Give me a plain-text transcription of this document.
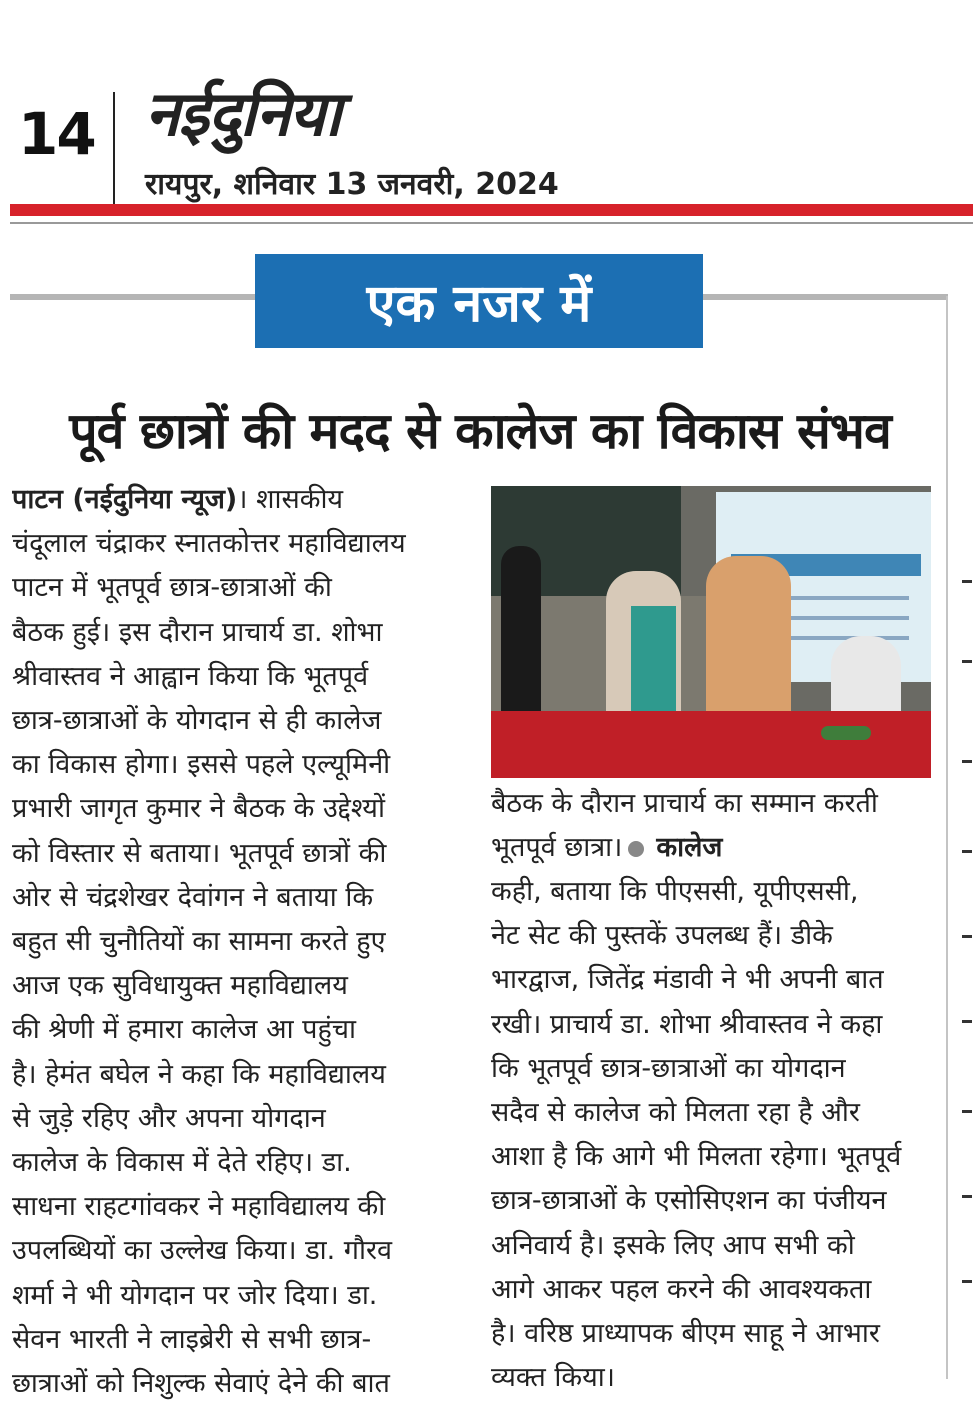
14 नईदुनिया
रायपुर, शनिवार 13 जनवरी, 2024
एक नजर में
पूर्व छात्रों की मदद से कालेज का विकास संभव
पाटन (नईदुनिया न्यूज)। शासकीय
चंदूलाल चंद्राकर स्नातकोत्तर महाविद्यालय
पाटन में भूतपूर्व छात्र-छात्राओं की
बैठक हुई। इस दौरान प्राचार्य डा. शोभा
श्रीवास्तव ने आह्वान किया कि भूतपूर्व
छात्र-छात्राओं के योगदान से ही कालेज
का विकास होगा। इससे पहले एल्यूमिनी
प्रभारी जागृत कुमार ने बैठक के उद्देश्यों
को विस्तार से बताया। भूतपूर्व छात्रों की
ओर से चंद्रशेखर देवांगन ने बताया कि
बहुत सी चुनौतियों का सामना करते हुए
आज एक सुविधायुक्त महाविद्यालय
की श्रेणी में हमारा कालेज आ पहुंचा
है। हेमंत बघेल ने कहा कि महाविद्यालय
से जुड़े रहिए और अपना योगदान
कालेज के विकास में देते रहिए। डा.
साधना राहटगांवकर ने महाविद्यालय की
उपलब्धियों का उल्लेख किया। डा. गौरव
शर्मा ने भी योगदान पर जोर दिया। डा.
सेवन भारती ने लाइब्रेरी से सभी छात्र-
छात्राओं को निशुल्क सेवाएं देने की बात
बैठक के दौरान प्राचार्य का सम्मान करती
भूतपूर्व छात्रा। कालेज
कही, बताया कि पीएससी, यूपीएससी,
नेट सेट की पुस्तकें उपलब्ध हैं। डीके
भारद्वाज, जितेंद्र मंडावी ने भी अपनी बात
रखी। प्राचार्य डा. शोभा श्रीवास्तव ने कहा
कि भूतपूर्व छात्र-छात्राओं का योगदान
सदैव से कालेज को मिलता रहा है और
आशा है कि आगे भी मिलता रहेगा। भूतपूर्व
छात्र-छात्राओं के एसोसिएशन का पंजीयन
अनिवार्य है। इसके लिए आप सभी को
आगे आकर पहल करने की आवश्यकता
है। वरिष्ठ प्राध्यापक बीएम साहू ने आभार
व्यक्त किया।
